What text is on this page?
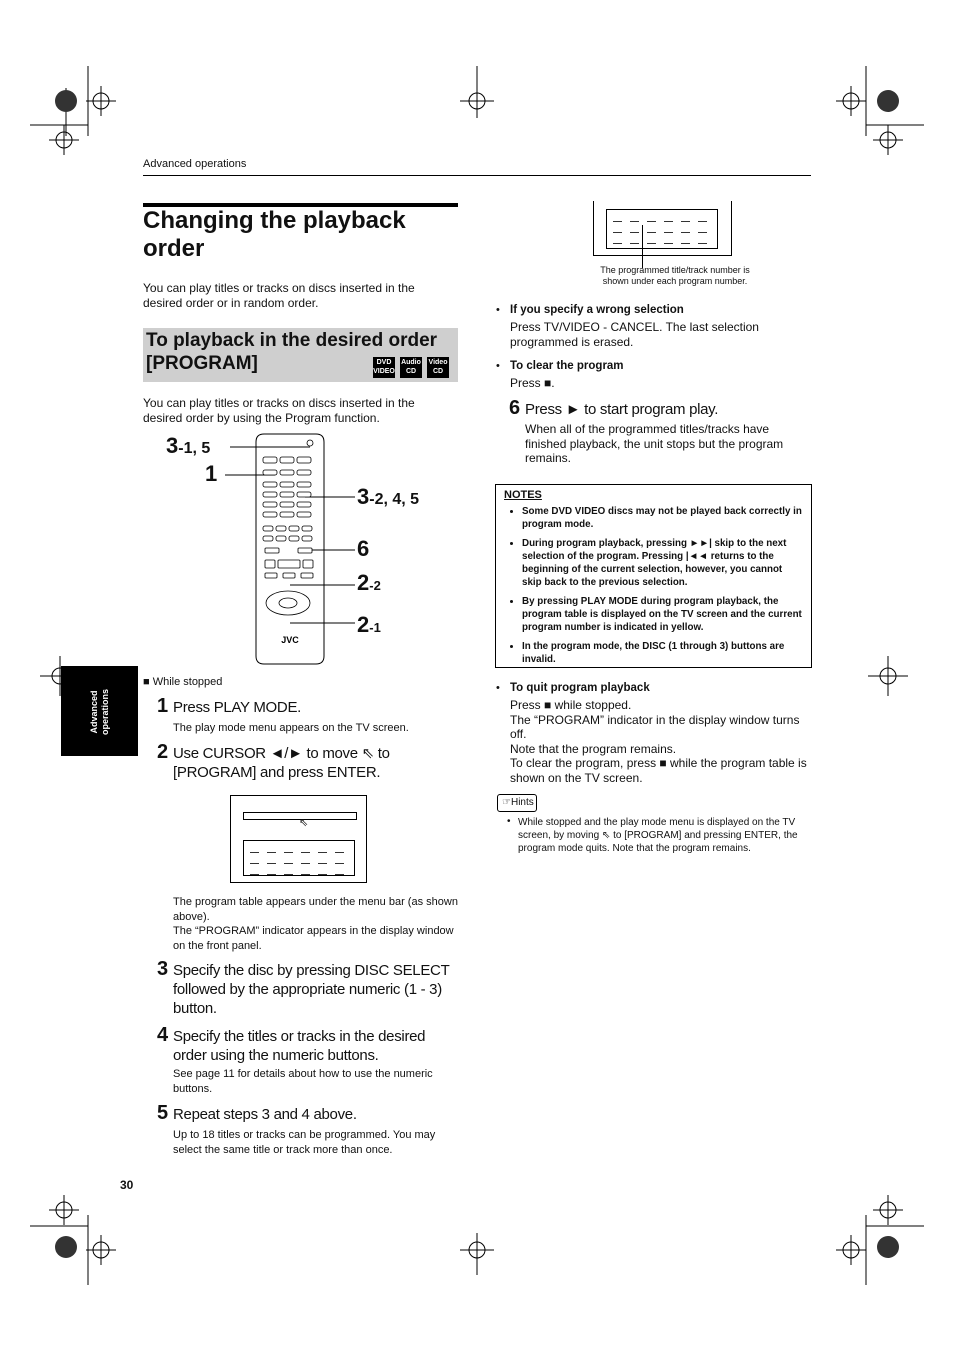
Advanced operations
Changing the playback order
You can play titles or tracks on discs inserted in the desired order or in random order.
To playback in the desired order
[PROGRAM]	DVD
VIDEO
Audio
CD
Video
CD
You can play titles or tracks on discs inserted in the desired order by using the Program function.
JVC
3-1, 5
1
3-2, 4, 5
6
2-2
2-1
■ While stopped
1 Press PLAY MODE.
The play mode menu appears on the TV screen.
2 Use CURSOR ◄/► to move ⇖ to [PROGRAM] and press ENTER.
⇖
The program table appears under the menu bar (as shown above).
The “PROGRAM” indicator appears in the display window on the front panel.
3 Specify the disc by pressing DISC SELECT followed by the appropriate numeric (1 - 3) button.
4 Specify the titles or tracks in the desired order using the numeric buttons.
See page 11 for details about how to use the numeric buttons.
5 Repeat steps 3 and 4 above.
Up to 18 titles or tracks can be programmed. You may select the same title or track more than once.
Advanced operations
30
The programmed title/track number is shown under each program number.
• If you specify a wrong selection
Press TV/VIDEO - CANCEL. The last selection programmed is erased.
• To clear the program
Press ■.
6 Press ► to start program play.
When all of the programmed titles/tracks have finished playback, the unit stops but the program remains.
NOTES
• Some DVD VIDEO discs may not be played back correctly in program mode.
• During program playback, pressing ►►| skip to the next selection of the program. Pressing |◄◄ returns to the beginning of the current selection, however, you cannot skip back to the previous selection.
• By pressing PLAY MODE during program playback, the program table is displayed on the TV screen and the current program number is indicated in yellow.
• In the program mode, the DISC (1 through 3) buttons are invalid.
• To quit program playback
Press ■ while stopped.
The “PROGRAM” indicator in the display window turns off.
Note that the program remains.
To clear the program, press ■ while the program table is shown on the TV screen.
☞Hints
• While stopped and the play mode menu is displayed on the TV screen, by moving ⇖ to [PROGRAM] and pressing ENTER, the program mode quits. Note that the program remains.
